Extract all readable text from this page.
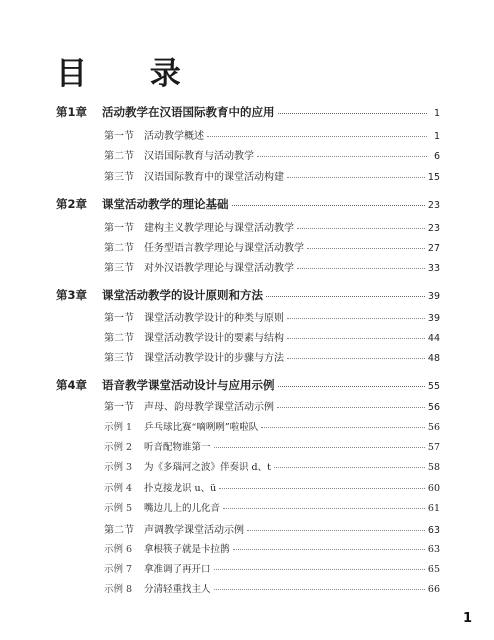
目 录
第1章	活动教学在汉语国际教育中的应用	1
第一节	活动教学概述	1
第二节	汉语国际教育与活动教学	6
第三节	汉语国际教育中的课堂活动构建	15
第2章	课堂活动教学的理论基础	23
第一节	建构主义教学理论与课堂活动教学	23
第二节	任务型语言教学理论与课堂活动教学	27
第三节	对外汉语教学理论与课堂活动教学	33
第3章	课堂活动教学的设计原则和方法	39
第一节	课堂活动教学设计的种类与原则	39
第二节	课堂活动教学设计的要素与结构	44
第三节	课堂活动教学设计的步骤与方法	48
第4章	语音教学课堂活动设计与应用示例	55
第一节	声母、韵母教学课堂活动示例	56
示例 1	乒乓球比赛“嘀咧咧”啦啦队	56
示例 2	听音配物谁第一	57
示例 3	为《多瑙河之波》伴奏识 d、t	58
示例 4	扑克接龙识 u、ü	60
示例 5	嘴边儿上的儿化音	61
第二节	声调教学课堂活动示例	63
示例 6	拿根筷子就是卡拉鹊	63
示例 7	拿准调了再开口	65
示例 8	分清轻重找主人	66
1
